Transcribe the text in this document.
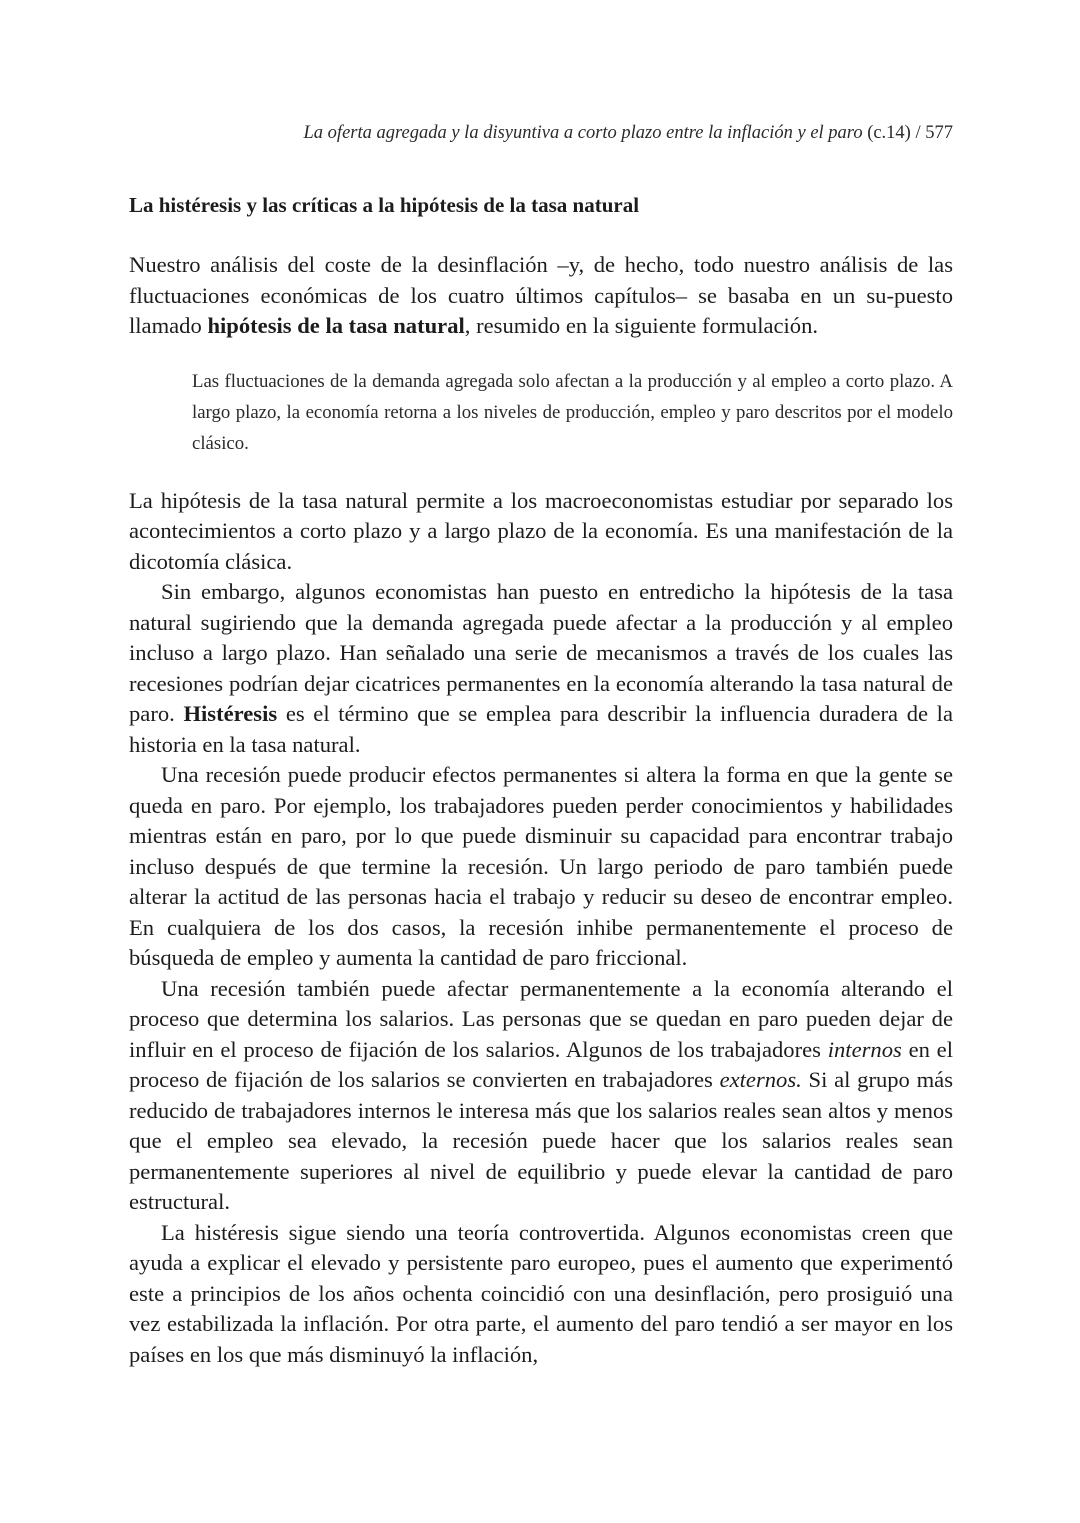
La oferta agregada y la disyuntiva a corto plazo entre la inflación y el paro (c.14) / 577
La histéresis y las críticas a la hipótesis de la tasa natural

Nuestro análisis del coste de la desinflación –y, de hecho, todo nuestro análisis de las fluctuaciones económicas de los cuatro últimos capítulos– se basaba en un su-puesto llamado hipótesis de la tasa natural, resumido en la siguiente formulación.

Las fluctuaciones de la demanda agregada solo afectan a la producción y al empleo a corto plazo. A largo plazo, la economía retorna a los niveles de producción, empleo y paro descritos por el modelo clásico.

La hipótesis de la tasa natural permite a los macroeconomistas estudiar por separado los acontecimientos a corto plazo y a largo plazo de la economía. Es una manifestación de la dicotomía clásica.

Sin embargo, algunos economistas han puesto en entredicho la hipótesis de la tasa natural sugiriendo que la demanda agregada puede afectar a la producción y al empleo incluso a largo plazo. Han señalado una serie de mecanismos a través de los cuales las recesiones podrían dejar cicatrices permanentes en la economía alterando la tasa natural de paro. Histéresis es el término que se emplea para describir la influencia duradera de la historia en la tasa natural.

Una recesión puede producir efectos permanentes si altera la forma en que la gente se queda en paro. Por ejemplo, los trabajadores pueden perder conocimientos y habilidades mientras están en paro, por lo que puede disminuir su capacidad para encontrar trabajo incluso después de que termine la recesión. Un largo periodo de paro también puede alterar la actitud de las personas hacia el trabajo y reducir su deseo de encontrar empleo. En cualquiera de los dos casos, la recesión inhibe permanentemente el proceso de búsqueda de empleo y aumenta la cantidad de paro friccional.

Una recesión también puede afectar permanentemente a la economía alterando el proceso que determina los salarios. Las personas que se quedan en paro pueden dejar de influir en el proceso de fijación de los salarios. Algunos de los trabajadores internos en el proceso de fijación de los salarios se convierten en trabajadores externos. Si al grupo más reducido de trabajadores internos le interesa más que los salarios reales sean altos y menos que el empleo sea elevado, la recesión puede hacer que los salarios reales sean permanentemente superiores al nivel de equilibrio y puede elevar la cantidad de paro estructural.

La histéresis sigue siendo una teoría controvertida. Algunos economistas creen que ayuda a explicar el elevado y persistente paro europeo, pues el aumento que experimentó este a principios de los años ochenta coincidió con una desinflación, pero prosiguió una vez estabilizada la inflación. Por otra parte, el aumento del paro tendió a ser mayor en los países en los que más disminuyó la inflación,
